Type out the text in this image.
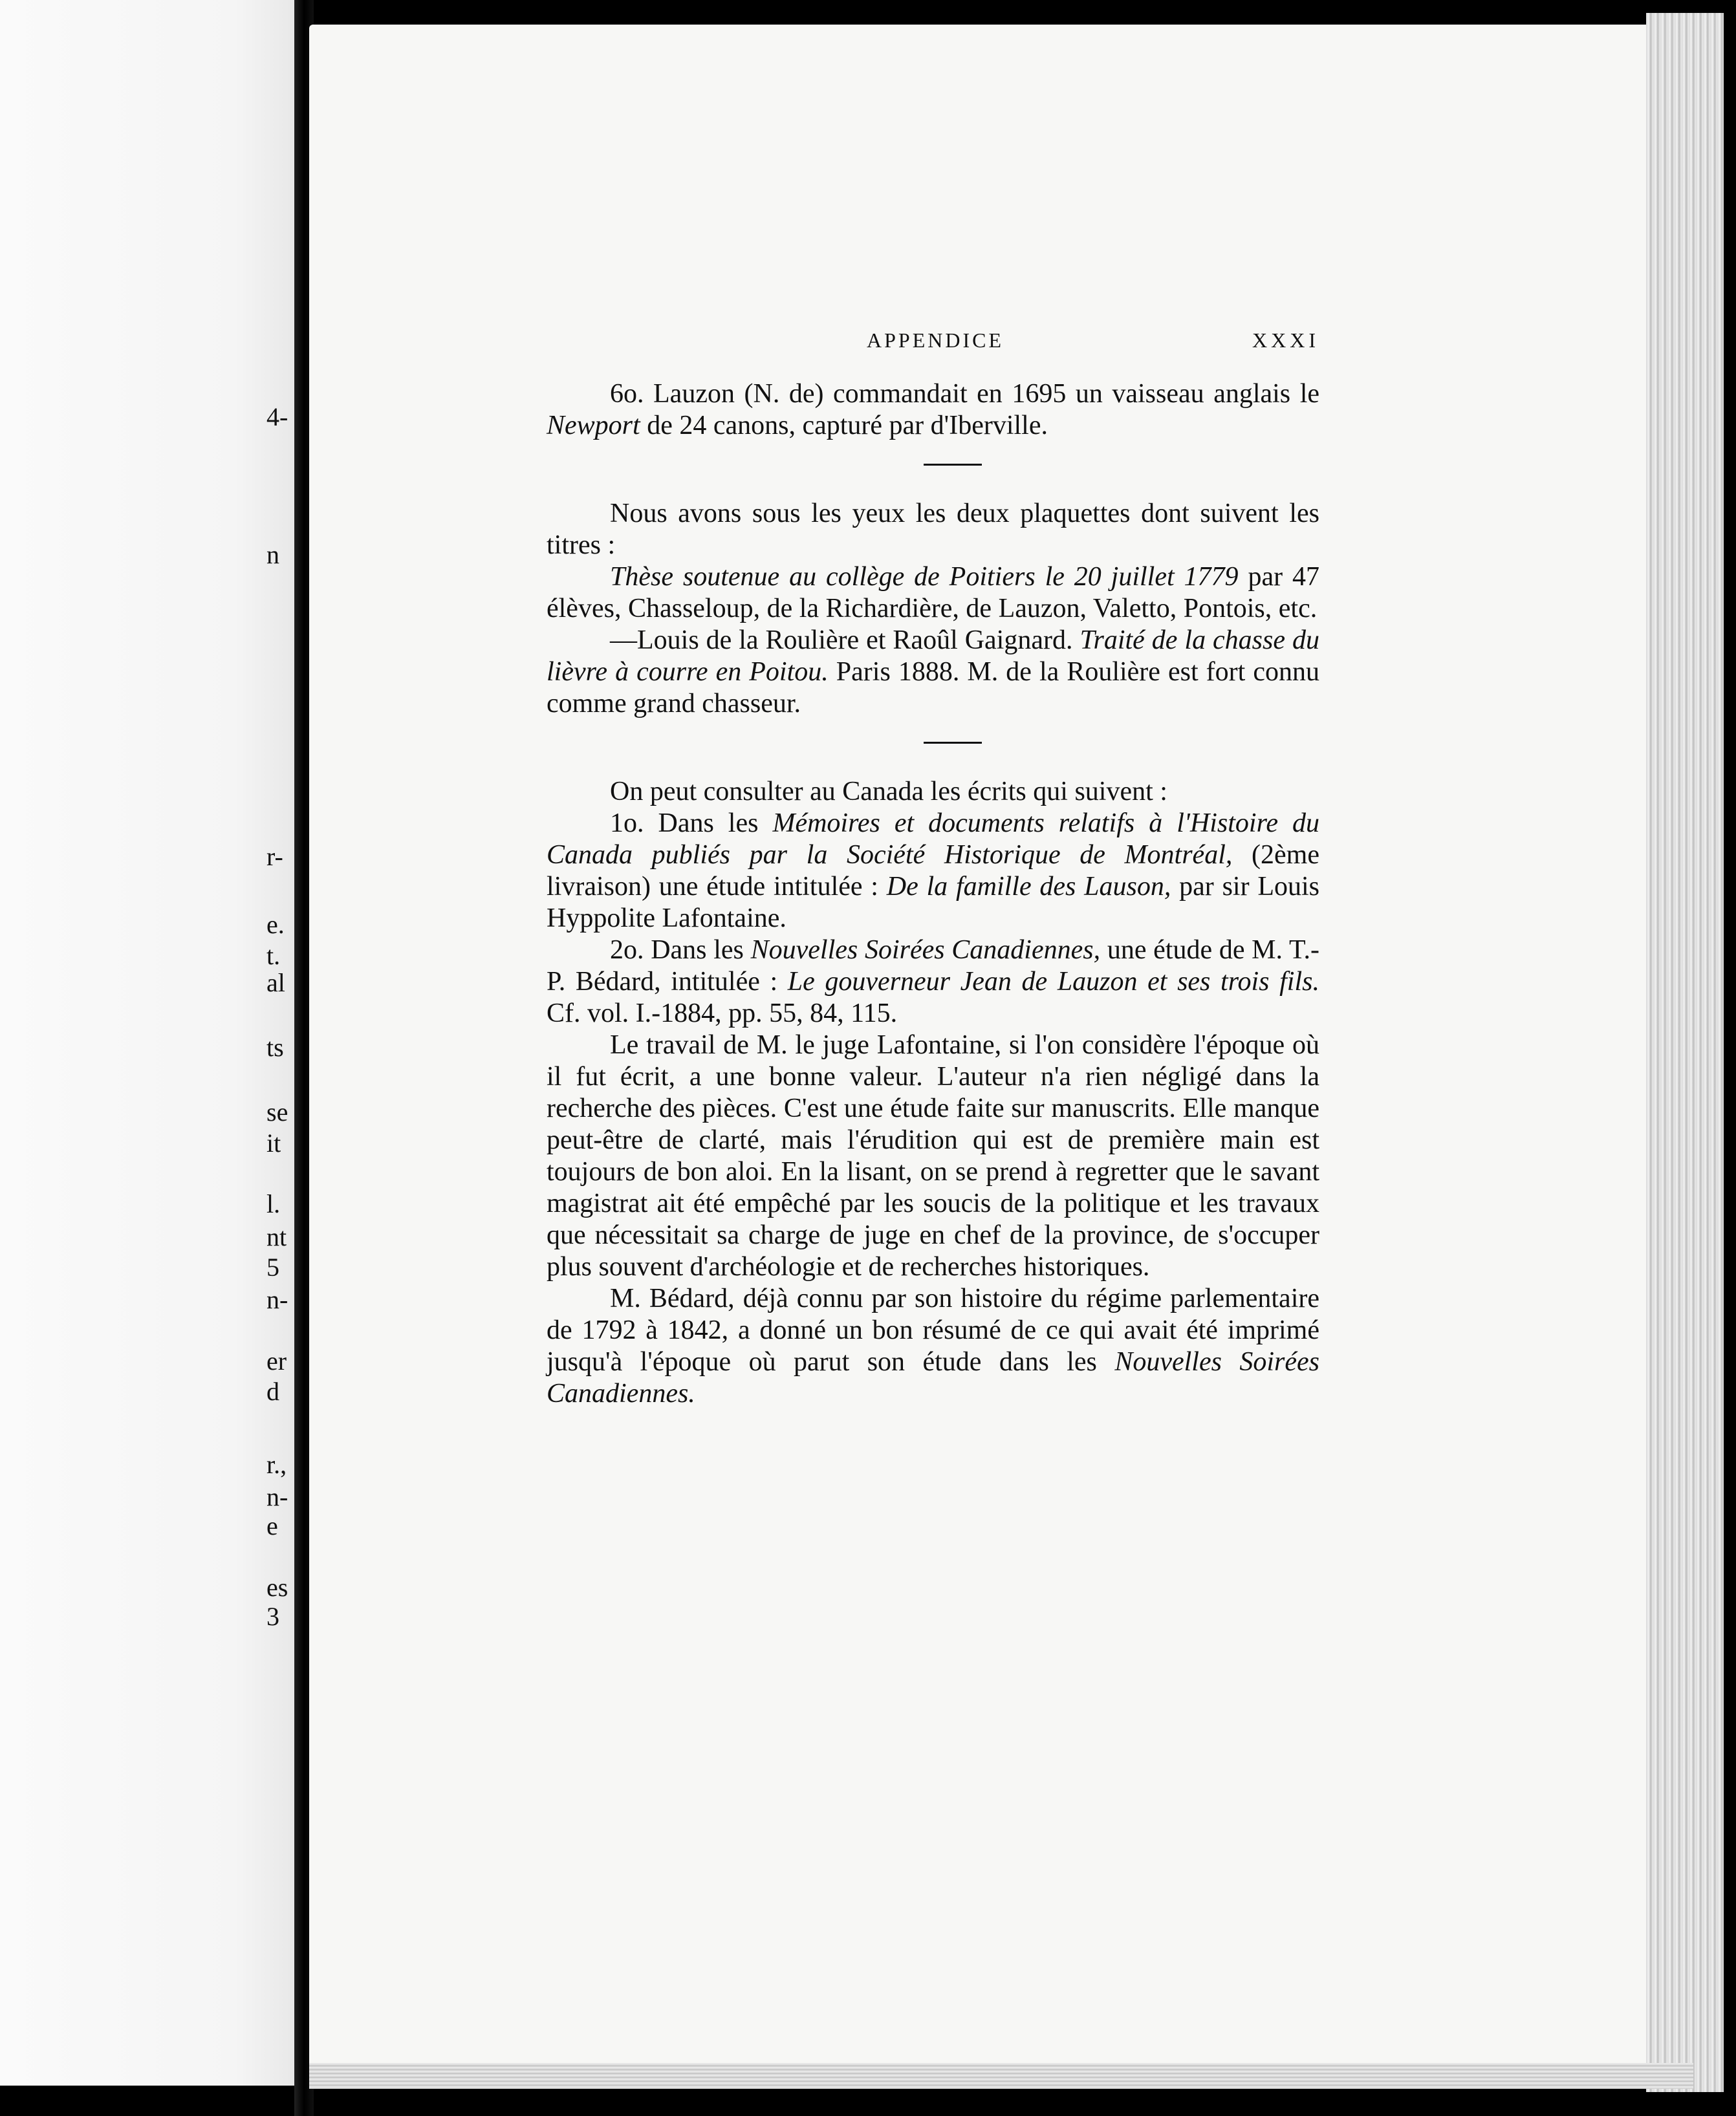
4-
n
r-
e.
t.
al
ts
se
it
l.
nt
5
n-
er
d
r.,
n-
e
es
3
APPENDICE	XXXI

6o. Lauzon (N. de) commandait en 1695 un vaisseau anglais le Newport de 24 canons, capturé par d'Iberville.

Nous avons sous les yeux les deux plaquettes dont suivent les titres :

Thèse soutenue au collège de Poitiers le 20 juillet 1779 par 47 élèves, Chasseloup, de la Richardière, de Lauzon, Valetto, Pontois, etc.

—Louis de la Roulière et Raoûl Gaignard. Traité de la chasse du lièvre à courre en Poitou. Paris 1888. M. de la Roulière est fort connu comme grand chasseur.

On peut consulter au Canada les écrits qui suivent :

1o. Dans les Mémoires et documents relatifs à l'Histoire du Canada publiés par la Société Historique de Montréal, (2ème livraison) une étude intitulée : De la famille des Lauson, par sir Louis Hyppolite Lafontaine.

2o. Dans les Nouvelles Soirées Canadiennes, une étude de M. T.-P. Bédard, intitulée : Le gouverneur Jean de Lauzon et ses trois fils. Cf. vol. I.-1884, pp. 55, 84, 115.

Le travail de M. le juge Lafontaine, si l'on considère l'époque où il fut écrit, a une bonne valeur. L'auteur n'a rien négligé dans la recherche des pièces. C'est une étude faite sur manuscrits. Elle manque peut-être de clarté, mais l'érudition qui est de première main est toujours de bon aloi. En la lisant, on se prend à regretter que le savant magistrat ait été empêché par les soucis de la politique et les travaux que nécessitait sa charge de juge en chef de la province, de s'occuper plus souvent d'archéologie et de recherches historiques.

M. Bédard, déjà connu par son histoire du régime parlementaire de 1792 à 1842, a donné un bon résumé de ce qui avait été imprimé jusqu'à l'époque où parut son étude dans les Nouvelles Soirées Canadiennes.
